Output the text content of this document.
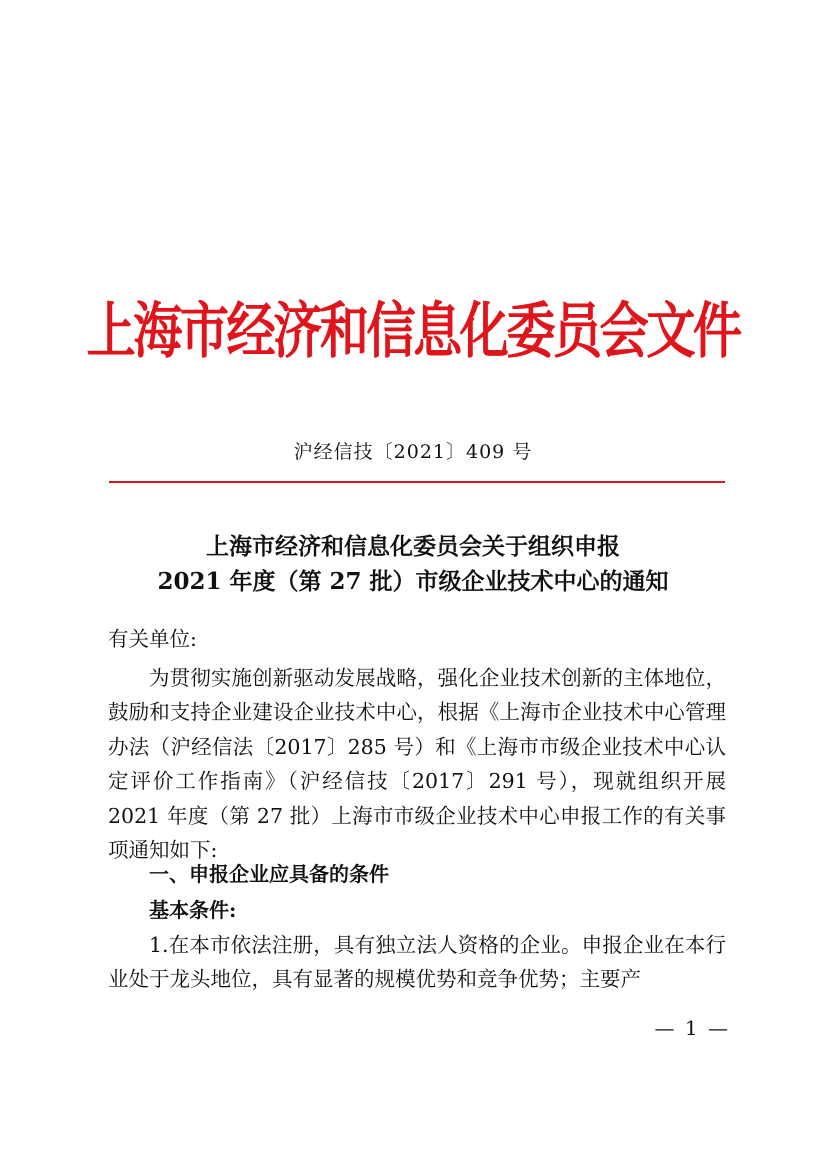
上海市经济和信息化委员会文件
沪经信技〔2021〕409 号
上海市经济和信息化委员会关于组织申报
2021 年度（第 27 批）市级企业技术中心的通知
有关单位:
为贯彻实施创新驱动发展战略，强化企业技术创新的主体地位，鼓励和支持企业建设企业技术中心，根据《上海市企业技术中心管理办法（沪经信法〔2017〕285 号）和《上海市市级企业技术中心认定评价工作指南》（沪经信技〔2017〕291 号），现就组织开展 2021 年度（第 27 批）上海市市级企业技术中心申报工作的有关事项通知如下:
一、申报企业应具备的条件
基本条件:
1.在本市依法注册，具有独立法人资格的企业。申报企业在本行业处于龙头地位，具有显著的规模优势和竞争优势；主要产
— 1 —
